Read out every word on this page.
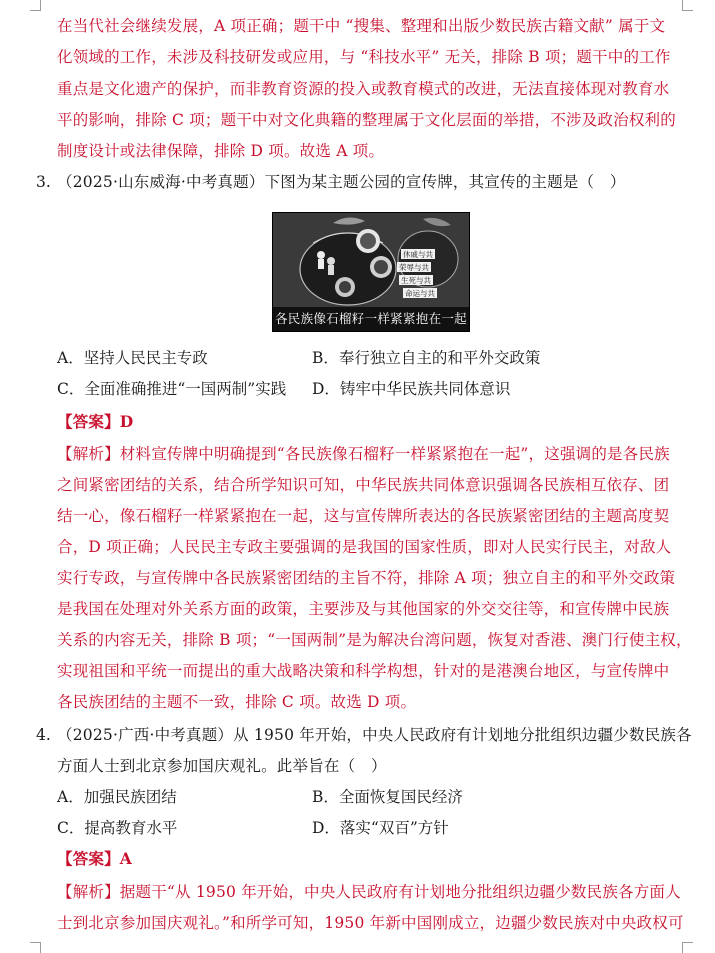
在当代社会继续发展，A 项正确；题干中 “搜集、整理和出版少数民族古籍文献” 属于文
化领域的工作，未涉及科技研发或应用，与 “科技水平” 无关，排除 B 项；题干中的工作
重点是文化遗产的保护，而非教育资源的投入或教育模式的改进，无法直接体现对教育水
平的影响，排除 C 项；题干中对文化典籍的整理属于文化层面的举措，不涉及政治权利的
制度设计或法律保障，排除 D 项。故选 A 项。
3. （2025·山东威海·中考真题）下图为某主题公园的宣传牌，其宣传的主题是（　）
休戚与共
荣辱与共
生死与共
命运与共
各民族像石榴籽一样紧紧抱在一起
A．坚持人民民主专政	B．奉行独立自主的和平外交政策
C．全面准确推进“一国两制”实践 D．铸牢中华民族共同体意识
【答案】D
【解析】材料宣传牌中明确提到“各民族像石榴籽一样紧紧抱在一起”，这强调的是各民族
之间紧密团结的关系，结合所学知识可知，中华民族共同体意识强调各民族相互依存、团
结一心，像石榴籽一样紧紧抱在一起，这与宣传牌所表达的各民族紧密团结的主题高度契
合，D 项正确；人民民主专政主要强调的是我国的国家性质，即对人民实行民主，对敌人
实行专政，与宣传牌中各民族紧密团结的主旨不符，排除 A 项；独立自主的和平外交政策
是我国在处理对外关系方面的政策，主要涉及与其他国家的外交交往等，和宣传牌中民族
关系的内容无关，排除 B 项；“一国两制”是为解决台湾问题，恢复对香港、澳门行使主权，
实现祖国和平统一而提出的重大战略决策和科学构想，针对的是港澳台地区，与宣传牌中
各民族团结的主题不一致，排除 C 项。故选 D 项。
4. （2025·广西·中考真题）从 1950 年开始，中央人民政府有计划地分批组织边疆少数民族各
方面人士到北京参加国庆观礼。此举旨在（　）
A．加强民族团结	B．全面恢复国民经济
C．提高教育水平	D．落实“双百”方针
【答案】A
【解析】据题干“从 1950 年开始，中央人民政府有计划地分批组织边疆少数民族各方面人
士到北京参加国庆观礼。”和所学可知，1950 年新中国刚成立，边疆少数民族对中央政权可
